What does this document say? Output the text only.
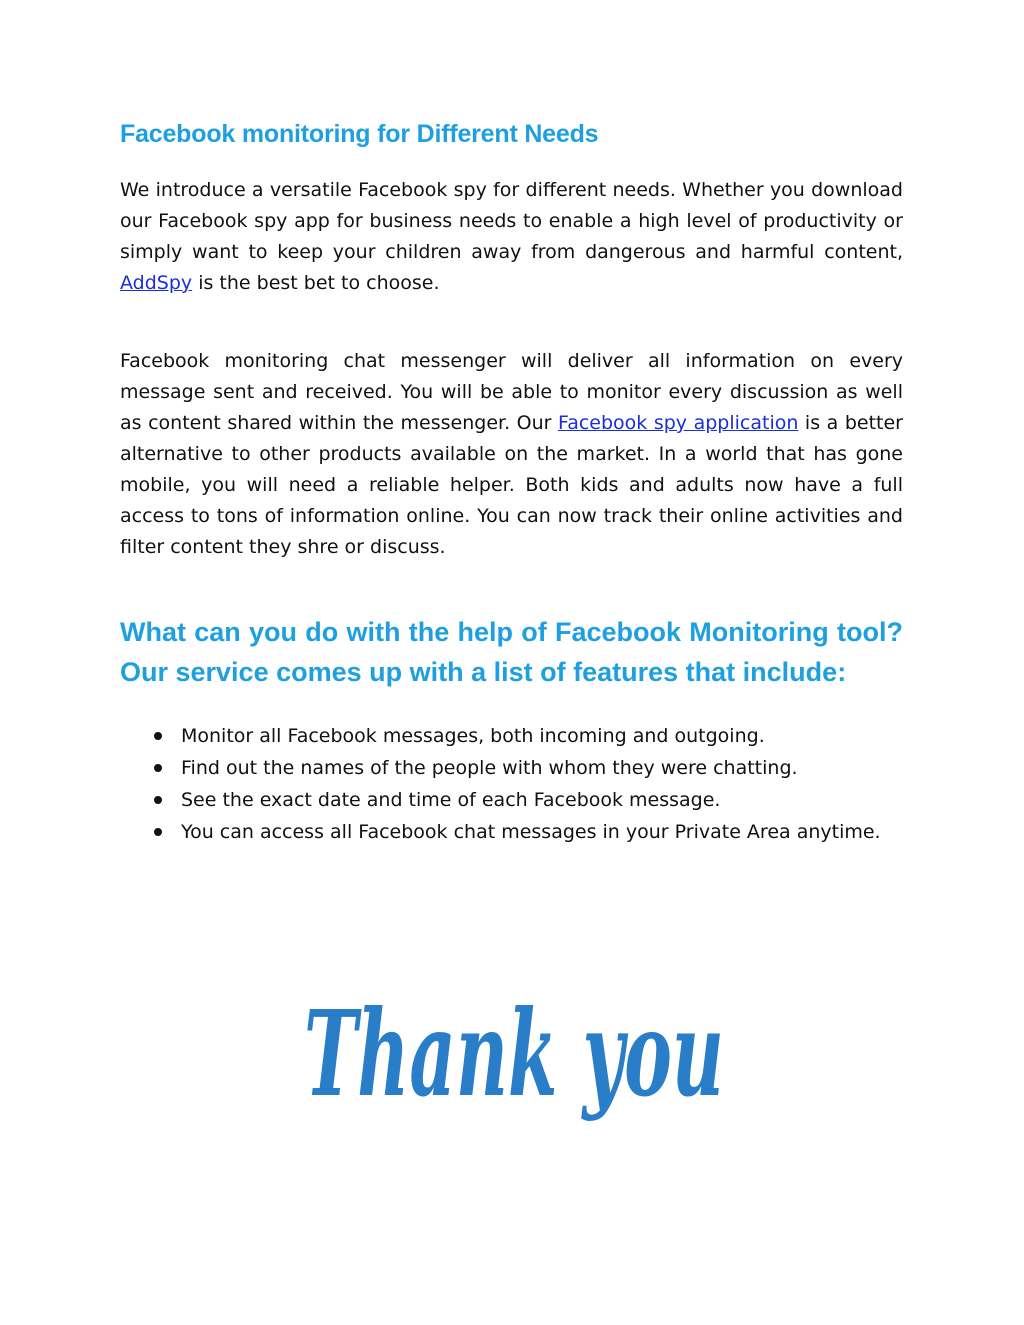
Facebook monitoring for Different Needs

We introduce a versatile Facebook spy for different needs. Whether you download our Facebook spy app for business needs to enable a high level of productivity or simply want to keep your children away from dangerous and harmful content, AddSpy is the best bet to choose.

Facebook monitoring chat messenger will deliver all information on every message sent and received. You will be able to monitor every discussion as well as content shared within the messenger. Our Facebook spy application is a better alternative to other products available on the market. In a world that has gone mobile, you will need a reliable helper. Both kids and adults now have a full access to tons of information online. You can now track their online activities and filter content they shre or discuss.

What can you do with the help of Facebook Monitoring tool? Our service comes up with a list of features that include:
Monitor all Facebook messages, both incoming and outgoing.
Find out the names of the people with whom they were chatting.
See the exact date and time of each Facebook message.
You can access all Facebook chat messages in your Private Area anytime.
Thank you
